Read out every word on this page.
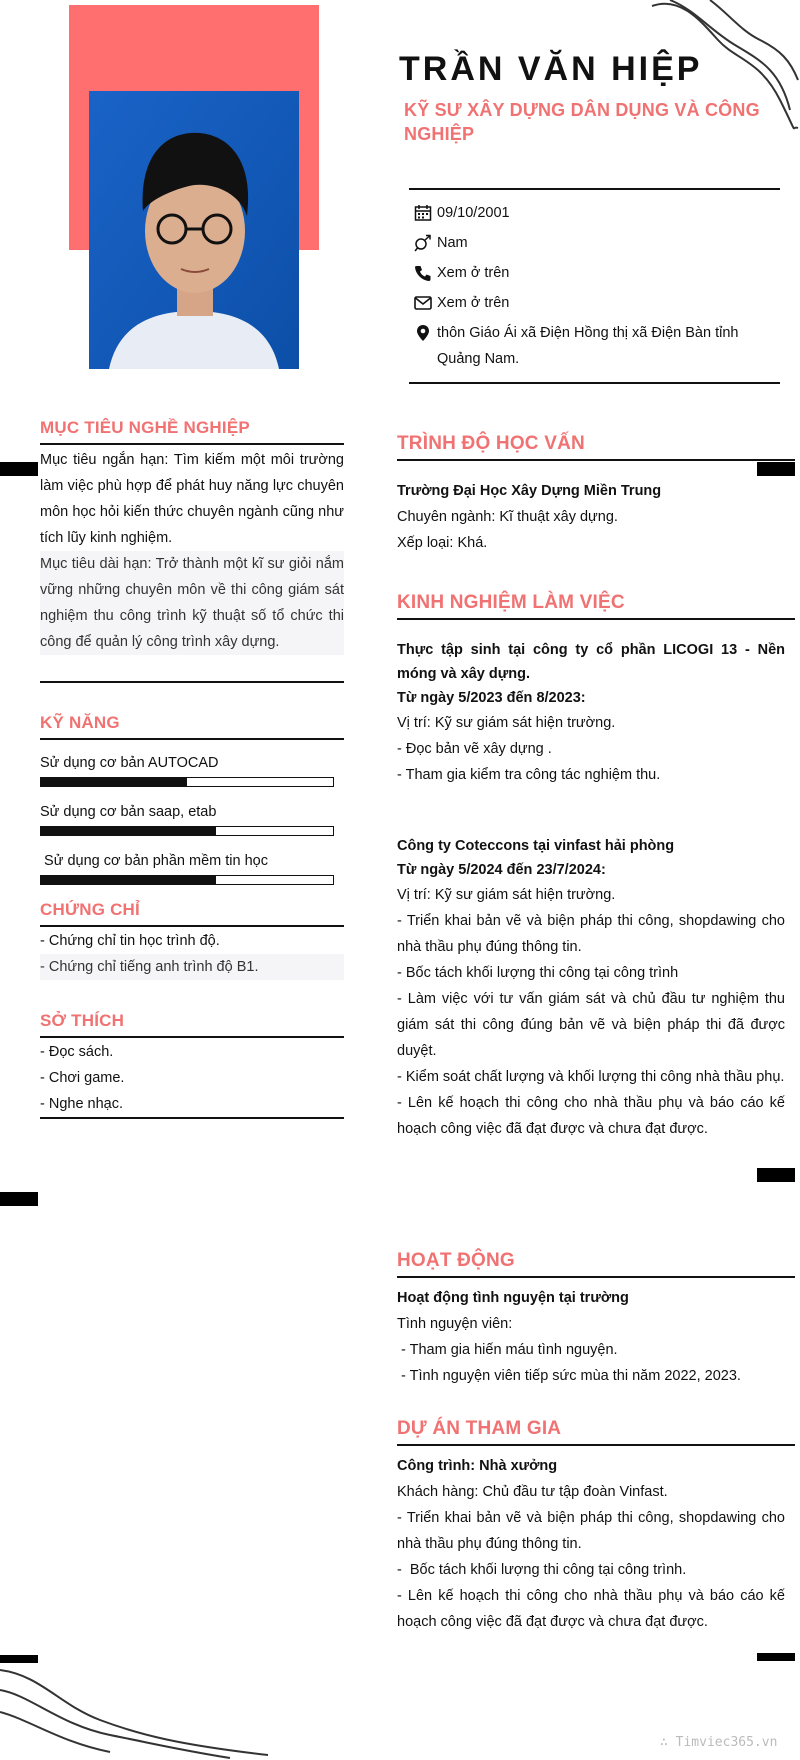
TRẦN VĂN HIỆP
KỸ SƯ XÂY DỰNG DÂN DỤNG VÀ CÔNG
NGHIỆP
09/10/2001
Nam
Xem ở trên
Xem ở trên
thôn Giáo Ái xã Điện Hồng thị xã Điện Bàn tỉnh
Quảng Nam.
MỤC TIÊU NGHỀ NGHIỆP
Mục tiêu ngắn hạn: Tìm kiếm một môi trường làm việc phù hợp để phát huy năng lực chuyên môn học hỏi kiến thức chuyên ngành cũng như tích lũy kinh nghiệm.
Mục tiêu dài hạn: Trở thành một kĩ sư giỏi nắm vững những chuyên môn về thi công giám sát nghiệm thu công trình kỹ thuật số tổ chức thi công để quản lý công trình xây dựng.
KỸ NĂNG
Sử dụng cơ bản AUTOCAD
Sử dụng cơ bản saap, etab
Sử dụng cơ bản phần mềm tin học
CHỨNG CHỈ
- Chứng chỉ tin học trình độ.
- Chứng chỉ tiếng anh trình độ B1.
SỞ THÍCH
- Đọc sách.
- Chơi game.
- Nghe nhạc.
TRÌNH ĐỘ HỌC VẤN
Trường Đại Học Xây Dựng Miền Trung
Chuyên ngành: Kĩ thuật xây dựng.
Xếp loại: Khá.
KINH NGHIỆM LÀM VIỆC
Thực tập sinh tại công ty cổ phần LICOGI 13 - Nền móng và xây dựng.
Từ ngày 5/2023 đến 8/2023:
Vị trí: Kỹ sư giám sát hiện trường.
- Đọc bản vẽ xây dựng .
- Tham gia kiểm tra công tác nghiệm thu.
Công ty Coteccons tại vinfast hải phòng
Từ ngày 5/2024 đến 23/7/2024:
Vị trí: Kỹ sư giám sát hiện trường.
- Triển khai bản vẽ và biện pháp thi công, shopdawing cho nhà thầu phụ đúng thông tin.
- Bốc tách khối lượng thi công tại công trình
- Làm việc với tư vấn giám sát và chủ đầu tư nghiệm thu giám sát thi công đúng bản vẽ và biện pháp thi đã được duyệt.
- Kiểm soát chất lượng và khối lượng thi công nhà thầu phụ.
- Lên kế hoạch thi công cho nhà thầu phụ và báo cáo kế hoạch công việc đã đạt được và chưa đạt được.
HOẠT ĐỘNG
Hoạt động tình nguyện tại trường
Tình nguyện viên:
- Tham gia hiến máu tình nguyện.
- Tình nguyện viên tiếp sức mùa thi năm 2022, 2023.
DỰ ÁN THAM GIA
Công trình: Nhà xưởng
Khách hàng: Chủ đầu tư tập đoàn Vinfast.
- Triển khai bản vẽ và biện pháp thi công, shopdawing cho nhà thầu phụ đúng thông tin.
-  Bốc tách khối lượng thi công tại công trình.
- Lên kế hoạch thi công cho nhà thầu phụ và báo cáo kế hoạch công việc đã đạt được và chưa đạt được.
∴ Timviec365.vn
